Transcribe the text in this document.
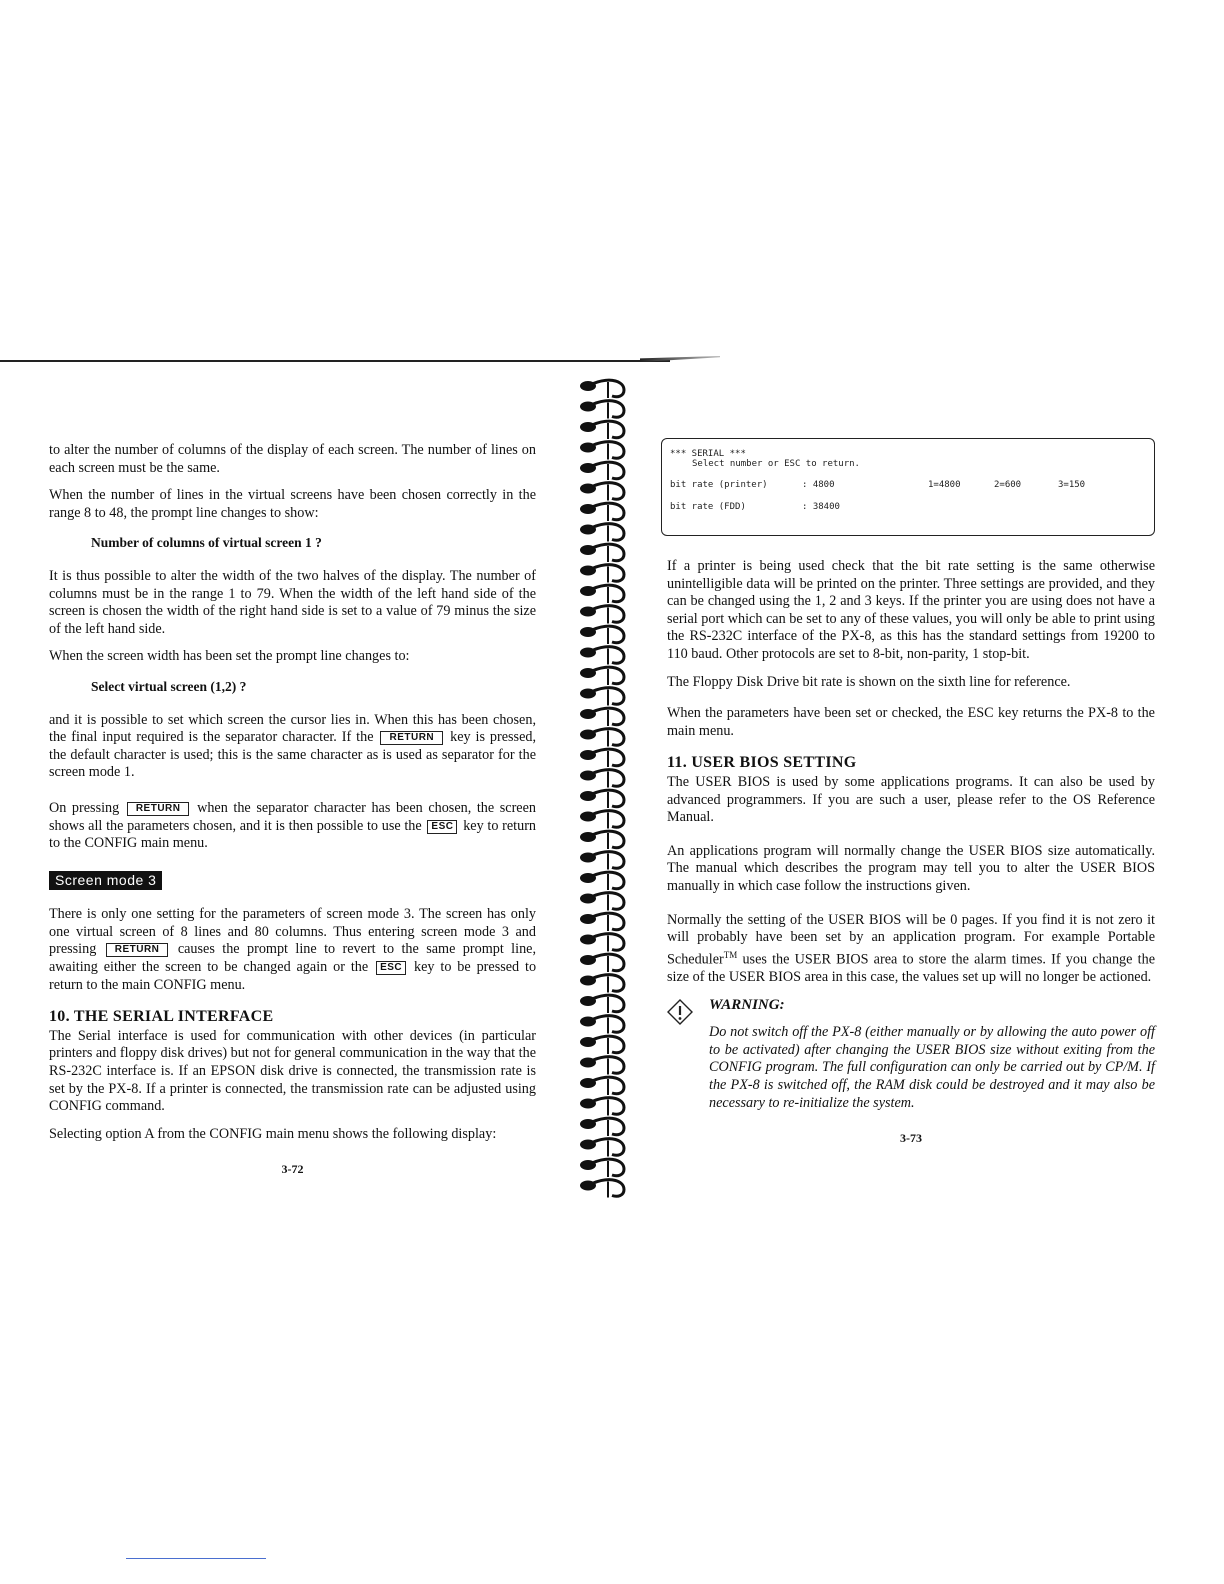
to alter the number of columns of the display of each screen. The number of lines on each screen must be the same.

When the number of lines in the virtual screens have been chosen correctly in the range 8 to 48, the prompt line changes to show:

Number of columns of virtual screen 1 ?

It is thus possible to alter the width of the two halves of the display. The number of columns must be in the range 1 to 79. When the width of the left hand side of the screen is chosen the width of the right hand side is set to a value of 79 minus the size of the left hand side.

When the screen width has been set the prompt line changes to:

Select virtual screen (1,2) ?

and it is possible to set which screen the cursor lies in. When this has been chosen, the final input required is the separator character. If the RETURN key is pressed, the default character is used; this is the same character as is used as separator for the screen mode 1.

On pressing RETURN when the separator character has been chosen, the screen shows all the parameters chosen, and it is then possible to use the ESC key to return to the CONFIG main menu.

Screen mode 3

There is only one setting for the parameters of screen mode 3. The screen has only one virtual screen of 8 lines and 80 columns. Thus entering screen mode 3 and pressing RETURN causes the prompt line to revert to the same prompt line, awaiting either the screen to be changed again or the ESC key to be pressed to return to the main CONFIG menu.

10. THE SERIAL INTERFACE

The Serial interface is used for communication with other devices (in particular printers and floppy disk drives) but not for general communication in the way that the RS-232C interface is. If an EPSON disk drive is connected, the transmission rate is set by the PX-8. If a printer is connected, the transmission rate can be adjusted using CONFIG command.

Selecting option A from the CONFIG main menu shows the following display:

3-72
*** SERIAL ***
Select number or ESC to return.
bit rate (printer)	: 4800	1=4800	2=600	3=150
bit rate (FDD)	: 38400

If a printer is being used check that the bit rate setting is the same otherwise unintelligible data will be printed on the printer. Three settings are provided, and they can be changed using the 1, 2 and 3 keys. If the printer you are using does not have a serial port which can be set to any of these values, you will only be able to print using the RS-232C interface of the PX-8, as this has the standard settings from 19200 to 110 baud. Other protocols are set to 8-bit, non-parity, 1 stop-bit.

The Floppy Disk Drive bit rate is shown on the sixth line for reference.

When the parameters have been set or checked, the ESC key returns the PX-8 to the main menu.

11. USER BIOS SETTING

The USER BIOS is used by some applications programs. It can also be used by advanced programmers. If you are such a user, please refer to the OS Reference Manual.

An applications program will normally change the USER BIOS size automatically. The manual which describes the program may tell you to alter the USER BIOS manually in which case follow the instructions given.

Normally the setting of the USER BIOS will be 0 pages. If you find it is not zero it will probably have been set by an application program. For example Portable Scheduler™ uses the USER BIOS area to store the alarm times. If you change the size of the USER BIOS area in this case, the values set up will no longer be actioned.

WARNING:

Do not switch off the PX-8 (either manually or by allowing the auto power off to be activated) after changing the USER BIOS size without exiting from the CONFIG program. The full configuration can only be carried out by CP/M. If the PX-8 is switched off, the RAM disk could be destroyed and it may also be necessary to re-initialize the system.

3-73
